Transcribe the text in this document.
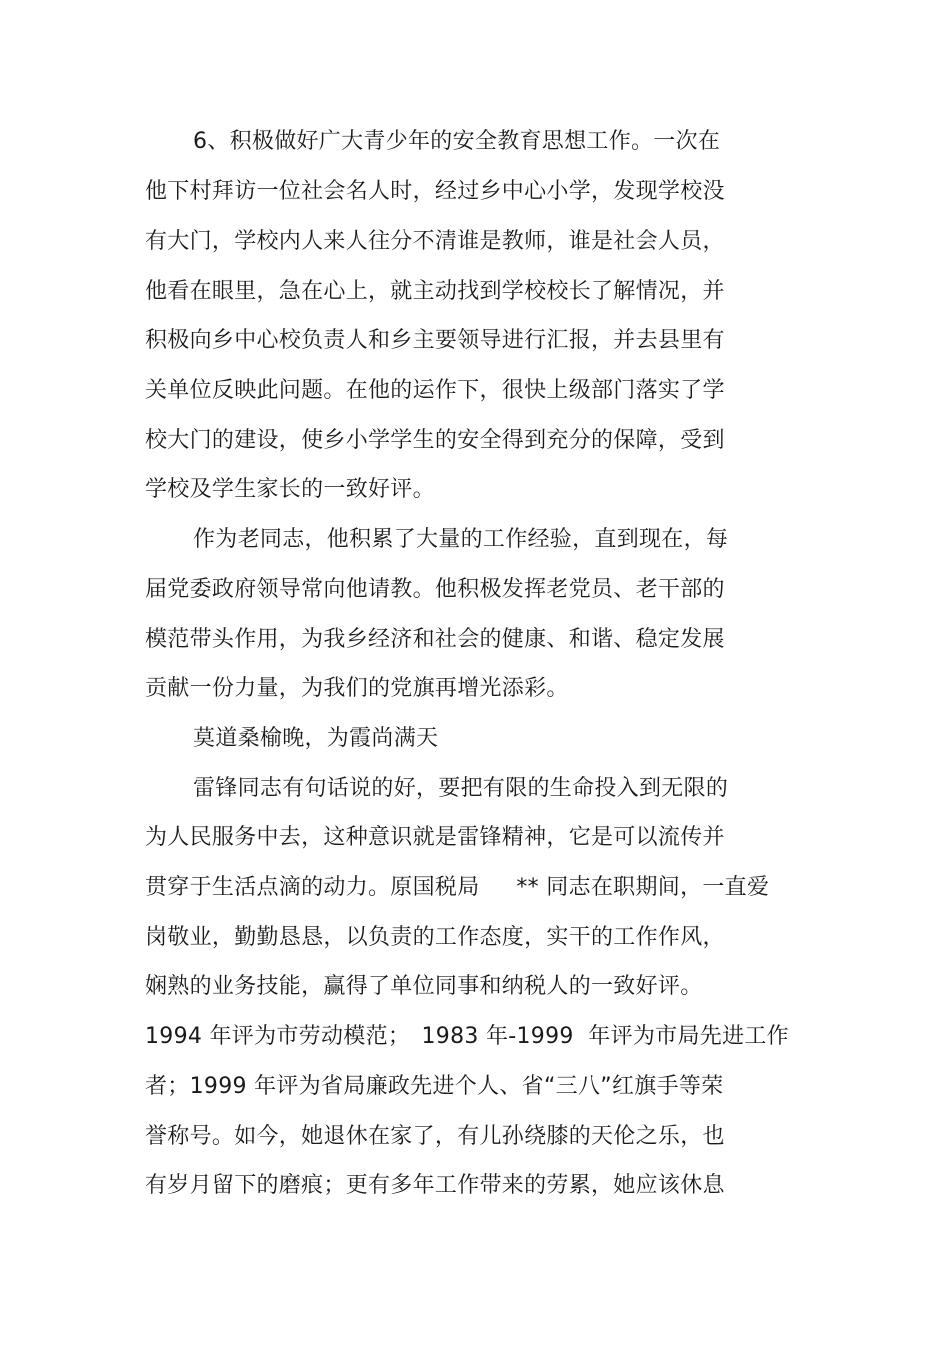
6、积极做好广大青少年的安全教育思想工作。一次在
他下村拜访一位社会名人时，经过乡中心小学，发现学校没
有大门，学校内人来人往分不清谁是教师，谁是社会人员，
他看在眼里，急在心上，就主动找到学校校长了解情况，并
积极向乡中心校负责人和乡主要领导进行汇报，并去县里有
关单位反映此问题。在他的运作下，很快上级部门落实了学
校大门的建设，使乡小学学生的安全得到充分的保障，受到
学校及学生家长的一致好评。
作为老同志，他积累了大量的工作经验，直到现在，每
届党委政府领导常向他请教。他积极发挥老党员、老干部的
模范带头作用，为我乡经济和社会的健康、和谐、稳定发展
贡献一份力量，为我们的党旗再增光添彩。
莫道桑榆晚，为霞尚满天
雷锋同志有句话说的好，要把有限的生命投入到无限的
为人民服务中去，这种意识就是雷锋精神，它是可以流传并
贯穿于生活点滴的动力。原国税局　  ** 同志在职期间，一直爱
岗敬业，勤勤恳恳，以负责的工作态度，实干的工作作风，
娴熟的业务技能，赢得了单位同事和纳税人的一致好评。
1994 年评为市劳动模范；　1983 年-1999  年评为市局先进工作
者；1999 年评为省局廉政先进个人、省“三八”红旗手等荣
誉称号。如今，她退休在家了，有儿孙绕膝的天伦之乐，也
有岁月留下的磨痕；更有多年工作带来的劳累，她应该休息
